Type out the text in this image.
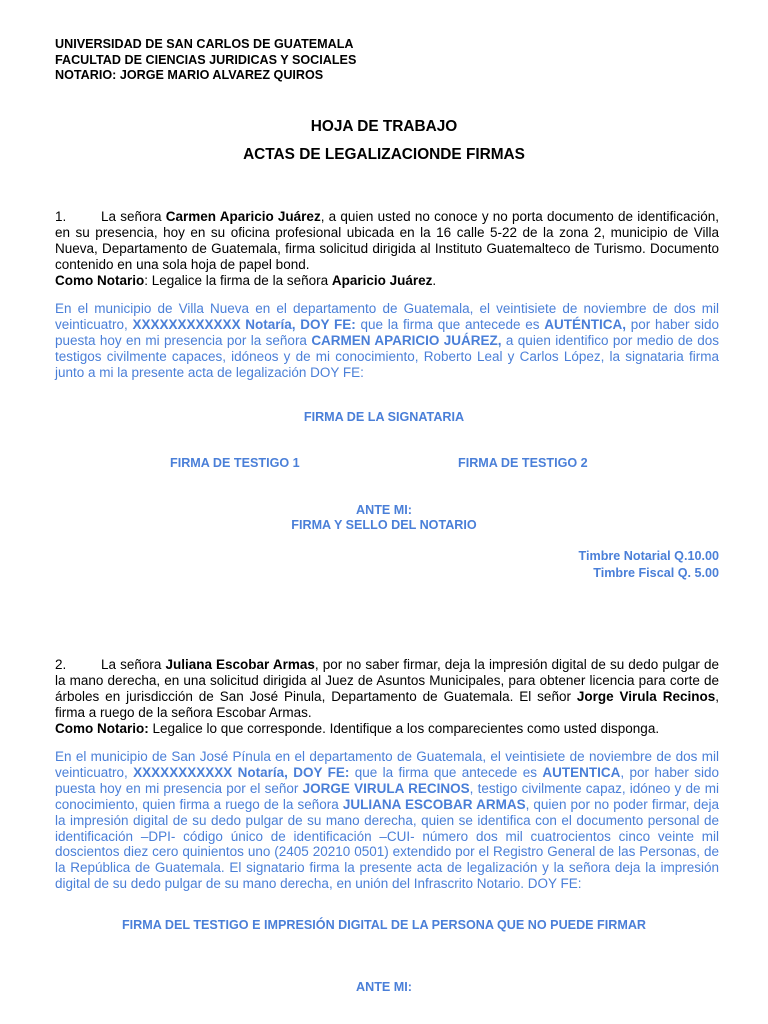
UNIVERSIDAD DE SAN CARLOS DE GUATEMALA
FACULTAD DE CIENCIAS JURIDICAS Y SOCIALES
NOTARIO: JORGE MARIO ALVAREZ QUIROS
HOJA DE TRABAJO
ACTAS DE LEGALIZACIONDE FIRMAS
1.	La señora Carmen Aparicio Juárez, a quien usted no conoce y no porta documento de identificación, en su presencia, hoy en su oficina profesional ubicada en la 16 calle 5-22 de la zona 2, municipio de Villa Nueva, Departamento de Guatemala, firma solicitud dirigida al Instituto Guatemalteco de Turismo. Documento contenido en una sola hoja de papel bond.
Como Notario: Legalice la firma de la señora Aparicio Juárez.
En el municipio de Villa Nueva en el departamento de Guatemala, el veintisiete de noviembre de dos mil veinticuatro, XXXXXXXXXXXX Notaría, DOY FE: que la firma que antecede es AUTÉNTICA, por haber sido puesta hoy en mi presencia por la señora CARMEN APARICIO JUÁREZ, a quien identifico por medio de dos testigos civilmente capaces, idóneos y de mi conocimiento, Roberto Leal y Carlos López, la signataria firma junto a mi la presente acta de legalización DOY FE:
FIRMA DE LA SIGNATARIA
FIRMA DE TESTIGO 1	FIRMA DE TESTIGO 2
ANTE MI:
FIRMA Y SELLO DEL NOTARIO
Timbre Notarial Q.10.00
Timbre Fiscal Q. 5.00
2.	La señora Juliana Escobar Armas, por no saber firmar, deja la impresión digital de su dedo pulgar de la mano derecha, en una solicitud dirigida al Juez de Asuntos Municipales, para obtener licencia para corte de árboles en jurisdicción de San José Pinula, Departamento de Guatemala. El señor Jorge Virula Recinos, firma a ruego de la señora Escobar Armas.
Como Notario: Legalice lo que corresponde. Identifique a los comparecientes como usted disponga.
En el municipio de San José Pínula en el departamento de Guatemala, el veintisiete de noviembre de dos mil veinticuatro, XXXXXXXXXXX Notaría, DOY FE: que la firma que antecede es AUTENTICA, por haber sido puesta hoy en mi presencia por el señor JORGE VIRULA RECINOS, testigo civilmente capaz, idóneo y de mi conocimiento, quien firma a ruego de la señora JULIANA ESCOBAR ARMAS, quien por no poder firmar, deja la impresión digital de su dedo pulgar de su mano derecha, quien se identifica con el documento personal de identificación –DPI- código único de identificación –CUI- número dos mil cuatrocientos cinco veinte mil doscientos diez cero quinientos uno (2405 20210 0501) extendido por el Registro General de las Personas, de la República de Guatemala. El signatario firma la presente acta de legalización y la señora deja la impresión digital de su dedo pulgar de su mano derecha, en unión del Infrascrito Notario. DOY FE:
FIRMA DEL TESTIGO E IMPRESIÓN DIGITAL DE LA PERSONA QUE NO PUEDE FIRMAR
ANTE MI:
